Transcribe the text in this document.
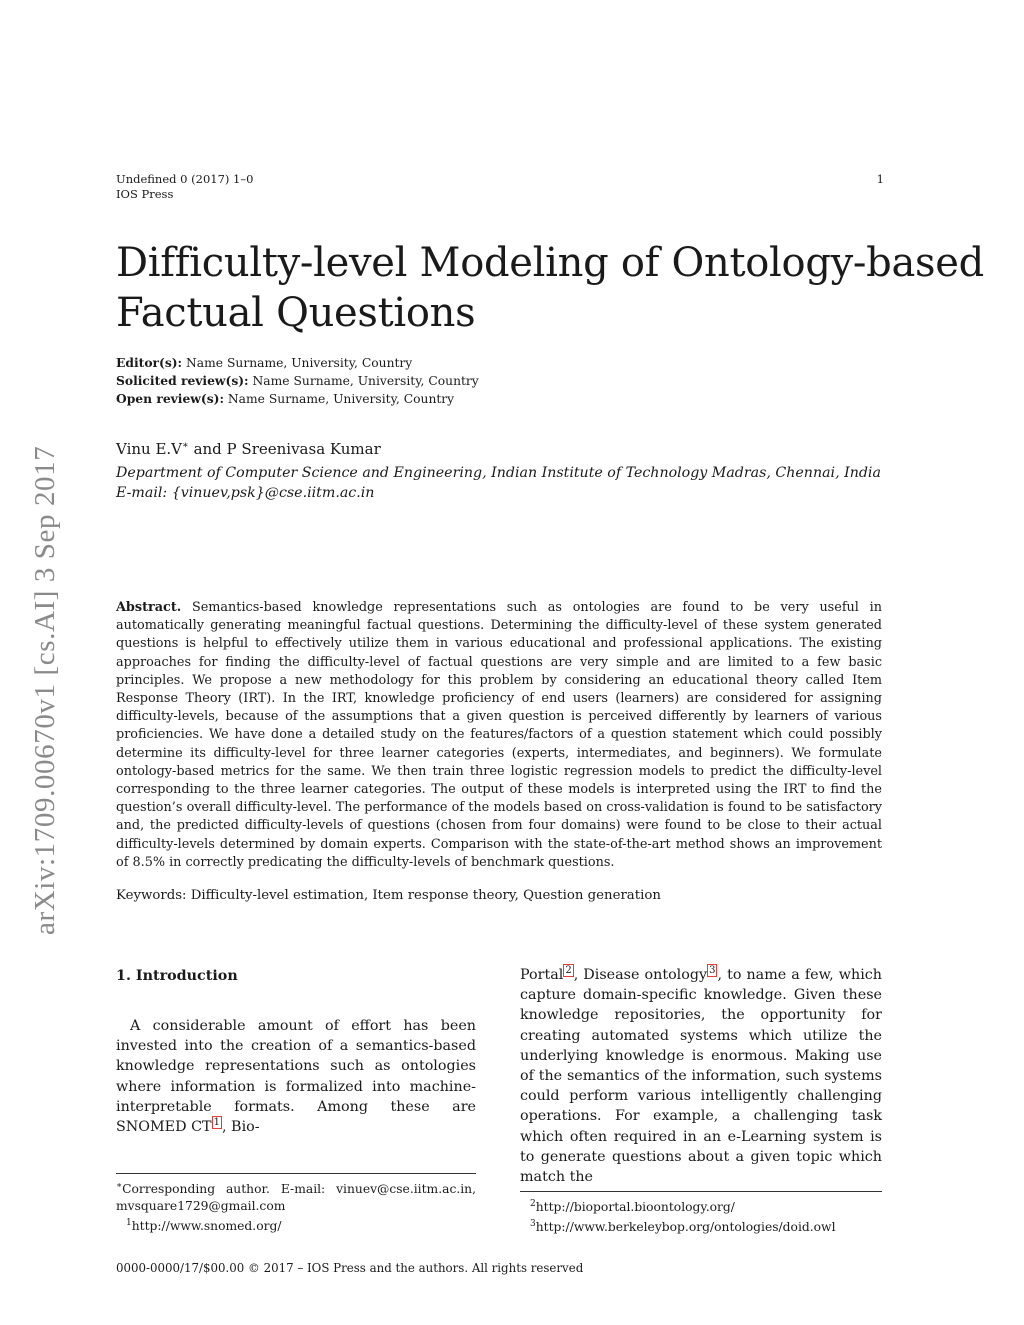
Undefined 0 (2017) 1–0
IOS Press
1
Difficulty-level Modeling of Ontology-based
Factual Questions
Editor(s): Name Surname, University, Country
Solicited review(s): Name Surname, University, Country
Open review(s): Name Surname, University, Country
Vinu E.V∗ and P Sreenivasa Kumar
Department of Computer Science and Engineering, Indian Institute of Technology Madras, Chennai, India
E-mail: {vinuev,psk}@cse.iitm.ac.in
arXiv:1709.00670v1 [cs.AI] 3 Sep 2017	Abstract. Semantics-based knowledge representations such as ontologies are found to be very useful in automatically generating meaningful factual questions. Determining the difficulty-level of these system generated questions is helpful to effectively utilize them in various educational and professional applications. The existing approaches for finding the difficulty-level of factual questions are very simple and are limited to a few basic principles. We propose a new methodology for this problem by considering an educational theory called Item Response Theory (IRT). In the IRT, knowledge proficiency of end users (learners) are considered for assigning difficulty-levels, because of the assumptions that a given question is perceived differently by learners of various proficiencies. We have done a detailed study on the features/factors of a question statement which could possibly determine its difficulty-level for three learner categories (experts, intermediates, and beginners). We formulate ontology-based metrics for the same. We then train three logistic regression models to predict the difficulty-level corresponding to the three learner categories. The output of these models is interpreted using the IRT to find the question’s overall difficulty-level. The performance of the models based on cross-validation is found to be satisfactory and, the predicted difficulty-levels of questions (chosen from four domains) were found to be close to their actual difficulty-levels determined by domain experts. Comparison with the state-of-the-art method shows an improvement of 8.5% in correctly predicating the difficulty-levels of benchmark questions.
Keywords: Difficulty-level estimation, Item response theory, Question generation
1. Introduction
A considerable amount of effort has been invested into the creation of a semantics-based knowledge representations such as ontologies where information is formalized into machine-interpretable formats. Among these are SNOMED CT $^1$ , Bio-
∗Corresponding author. E-mail: vinuev@cse.iitm.ac.in, mvsquare1729@gmail.com
$^1$http://www.snomed.org/
Portal $^2$ , Disease ontology $^3$ , to name a few, which capture domain-specific knowledge. Given these knowledge repositories, the opportunity for creating automated systems which utilize the underlying knowledge is enormous. Making use of the semantics of the information, such systems could perform various intelligently challenging operations. For example, a challenging task which often required in an e-Learning system is to generate questions about a given topic which match the
$^2$http://bioportal.bioontology.org/
$^3$http://www.berkeleybop.org/ontologies/doid.owl
0000-0000/17/$00.00 © 2017 – IOS Press and the authors. All rights reserved
